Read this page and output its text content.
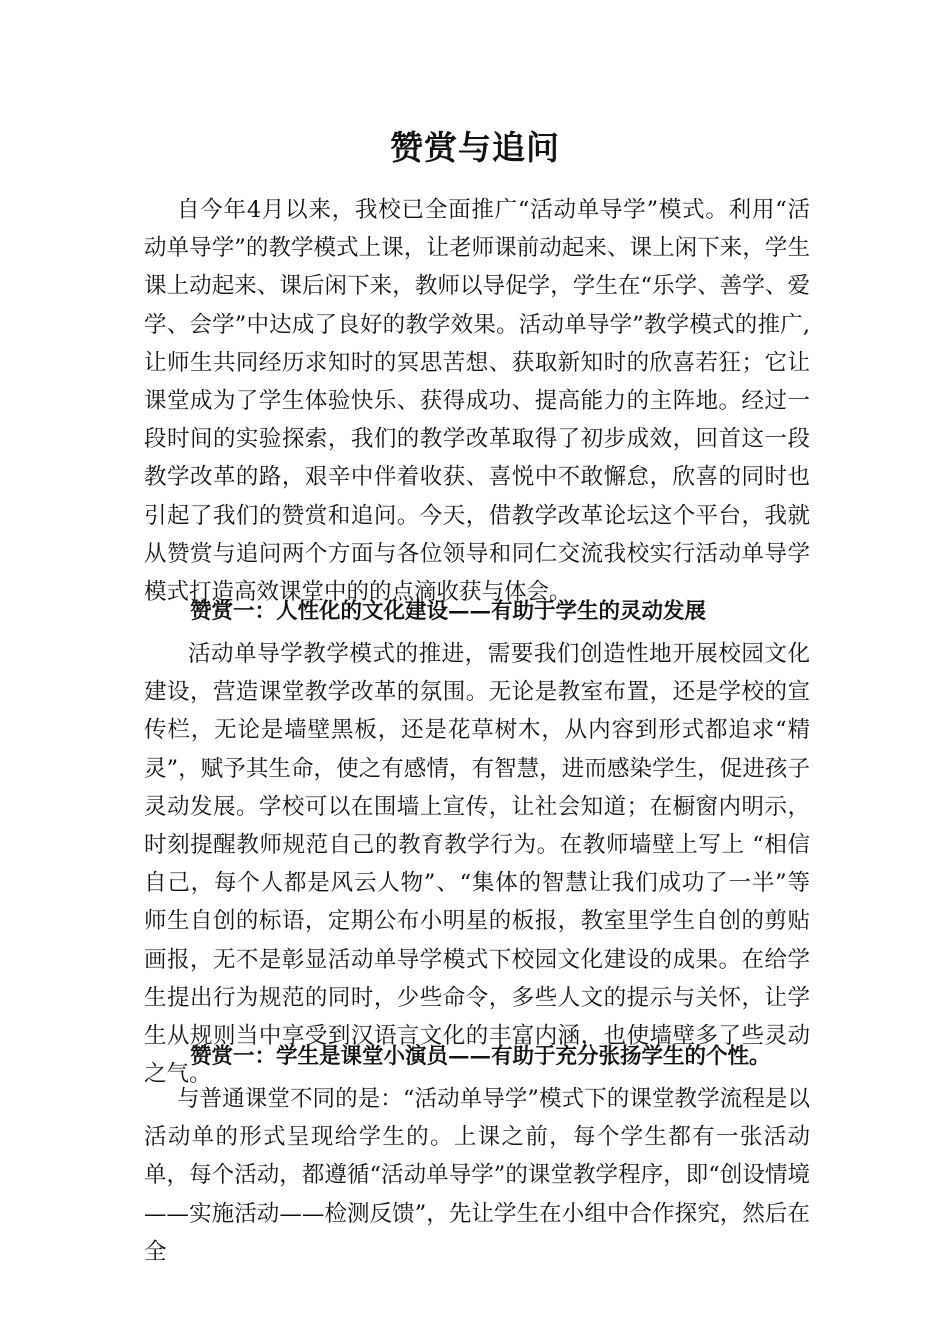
赞赏与追问

自今年4月以来，我校已全面推广“活动单导学”模式。利用“活动单导学”的教学模式上课，让老师课前动起来、课上闲下来，学生课上动起来、课后闲下来，教师以导促学，学生在“乐学、善学、爱学、会学”中达成了良好的教学效果。活动单导学”教学模式的推广,让师生共同经历求知时的冥思苦想、获取新知时的欣喜若狂；它让课堂成为了学生体验快乐、获得成功、提高能力的主阵地。经过一段时间的实验探索，我们的教学改革取得了初步成效，回首这一段教学改革的路，艰辛中伴着收获、喜悦中不敢懈怠，欣喜的同时也引起了我们的赞赏和追问。今天，借教学改革论坛这个平台，我就从赞赏与追问两个方面与各位领导和同仁交流我校实行活动单导学模式打造高效课堂中的的点滴收获与体会。

赞赏一：人性化的文化建设——有助于学生的灵动发展

活动单导学教学模式的推进，需要我们创造性地开展校园文化建设，营造课堂教学改革的氛围。无论是教室布置，还是学校的宣传栏，无论是墙壁黑板，还是花草树木，从内容到形式都追求“精灵”，赋予其生命，使之有感情，有智慧，进而感染学生，促进孩子灵动发展。学校可以在围墙上宣传，让社会知道；在橱窗内明示，时刻提醒教师规范自己的教育教学行为。在教师墙壁上写上 “相信自己，每个人都是风云人物”、“集体的智慧让我们成功了一半”等 师生自创的标语，定期公布小明星的板报，教室里学生自创的剪贴画报，无不是彰显活动单导学模式下校园文化建设的成果。在给学生提出行为规范的同时，少些命令，多些人文的提示与关怀，让学生从规则当中享受到汉语言文化的丰富内涵，也使墙壁多了些灵动之气。

赞赏一：学生是课堂小演员——有助于充分张扬学生的个性。

与普通课堂不同的是：“活动单导学”模式下的课堂教学流程是以活动单的形式呈现给学生的。上课之前，每个学生都有一张活动单，每个活动，都遵循“活动单导学”的课堂教学程序，即“创设情境——实施活动——检测反馈”，先让学生在小组中合作探究，然后在全
